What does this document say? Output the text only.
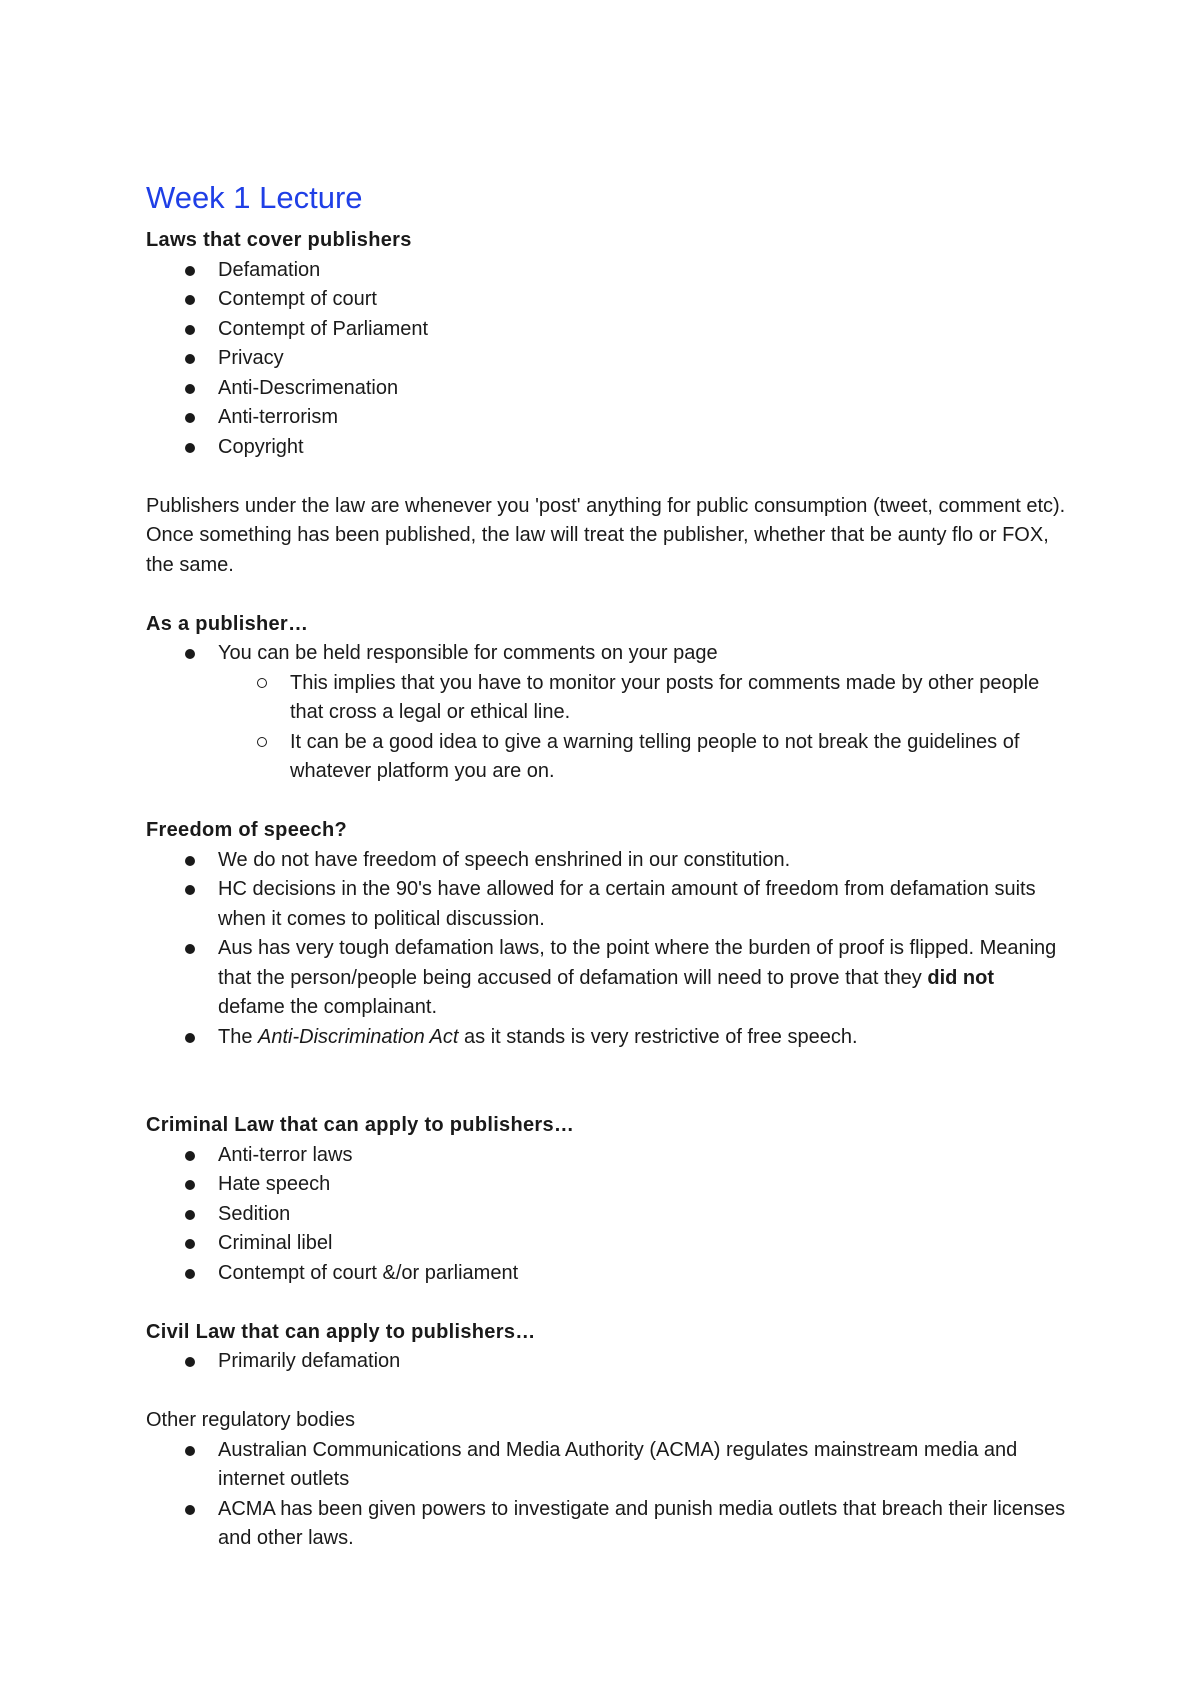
Week 1 Lecture

Laws that cover publishers

Defamation
Contempt of court
Contempt of Parliament
Privacy
Anti-Descrimenation
Anti-terrorism
Copyright

Publishers under the law are whenever you 'post' anything for public consumption (tweet, comment etc). Once something has been published, the law will treat the publisher, whether that be aunty flo or FOX, the same.

As a publisher…

You can be held responsible for comments on your page
This implies that you have to monitor your posts for comments made by other people that cross a legal or ethical line.
It can be a good idea to give a warning telling people to not break the guidelines of whatever platform you are on.

Freedom of speech?

We do not have freedom of speech enshrined in our constitution.
HC decisions in the 90's have allowed for a certain amount of freedom from defamation suits when it comes to political discussion.
Aus has very tough defamation laws, to the point where the burden of proof is flipped. Meaning that the person/people being accused of defamation will need to prove that they did not defame the complainant.
The Anti-Discrimination Act as it stands is very restrictive of free speech.

Criminal Law that can apply to publishers…

Anti-terror laws
Hate speech
Sedition
Criminal libel
Contempt of court &/or parliament

Civil Law that can apply to publishers…

Primarily defamation

Other regulatory bodies

Australian Communications and Media Authority (ACMA) regulates mainstream media and internet outlets
ACMA has been given powers to investigate and punish media outlets that breach their licenses and other laws.
